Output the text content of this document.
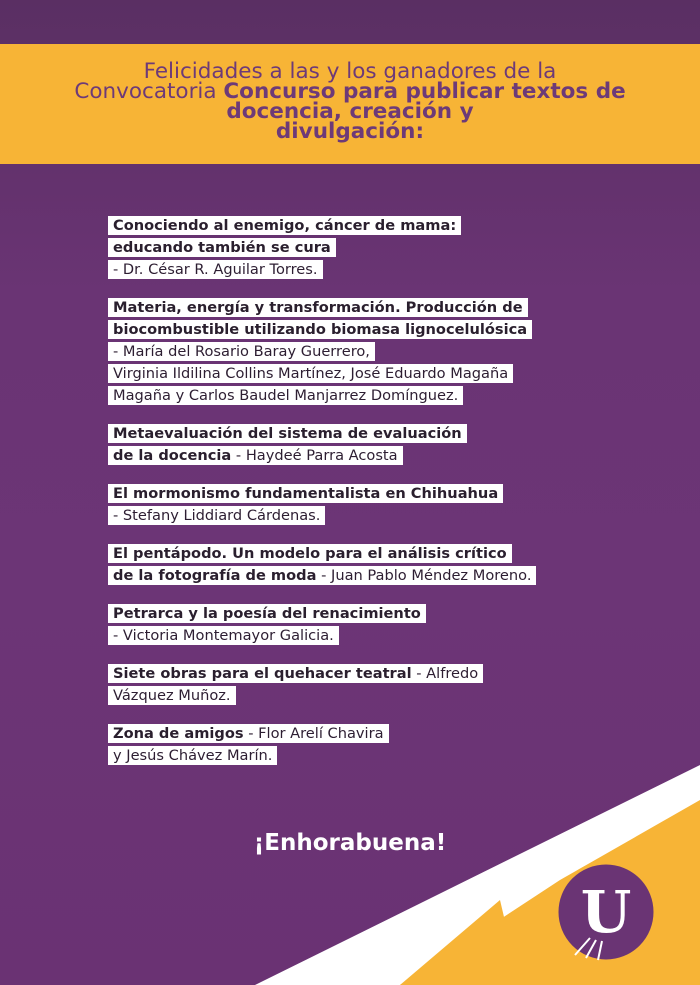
Felicidades a las y los ganadores de la
Convocatoria Concurso para publicar textos de
docencia, creación y
divulgación:
Conociendo al enemigo, cáncer de mama:
educando también se cura
- Dr. César R. Aguilar Torres.
Materia, energía y transformación. Producción de
biocombustible utilizando biomasa lignocelulósica
- María del Rosario Baray Guerrero,
Virginia Ildilina Collins Martínez, José Eduardo Magaña
Magaña y Carlos Baudel Manjarrez Domínguez.
Metaevaluación del sistema de evaluación
de la docencia - Haydeé Parra Acosta
El mormonismo fundamentalista en Chihuahua
- Stefany Liddiard Cárdenas.
El pentápodo. Un modelo para el análisis crítico
de la fotografía de moda - Juan Pablo Méndez Moreno.
Petrarca y la poesía del renacimiento
- Victoria Montemayor Galicia.
Siete obras para el quehacer teatral - Alfredo
Vázquez Muñoz.
Zona de amigos - Flor Arelí Chavira
y Jesús Chávez Marín.
¡Enhorabuena!
U
